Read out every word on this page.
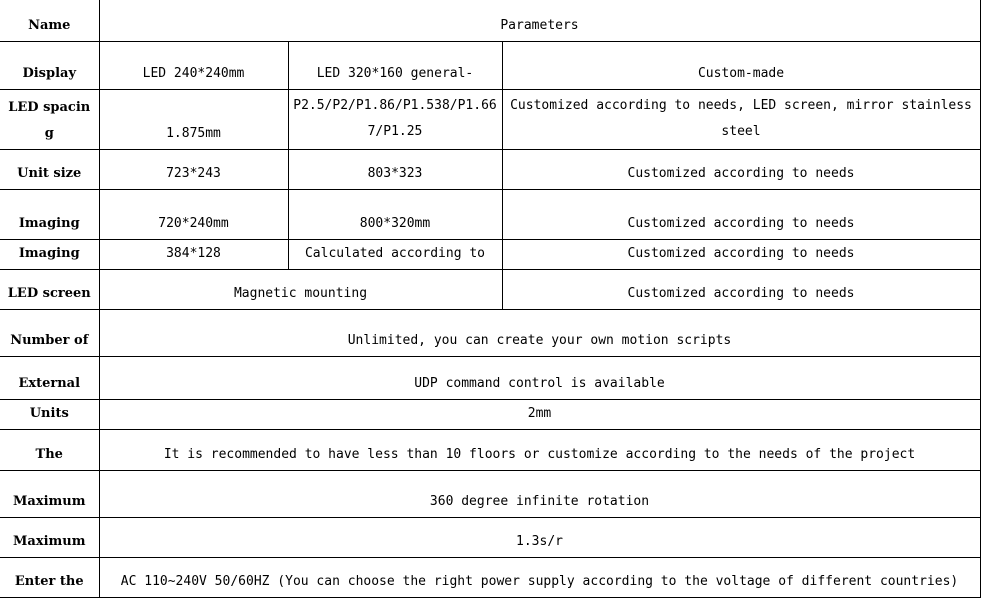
Name	Parameters		
Display	LED 240*240mm	LED 320*160 general-	Custom-made
LED spacing	1.875mm	P2.5/P2/P1.86/P1.538/P1.667/P1.25	Customized according to needs, LED screen, mirror stainless steel
Unit size	723*243	803*323	Customized according to needs
Imaging	720*240mm	800*320mm	Customized according to needs
Imaging	384*128	Calculated according to	Customized according to needs
LED screen	Magnetic mounting		Customized according to needs
Number of	Unlimited, you can create your own motion scripts		
External	UDP command control is available		
Units	2mm		
The	It is recommended to have less than 10 floors or customize according to the needs of the project		
Maximum	360 degree infinite rotation		
Maximum	1.3s/r		
Enter the	AC 110~240V 50/60HZ (You can choose the right power supply according to the voltage of different countries)		
